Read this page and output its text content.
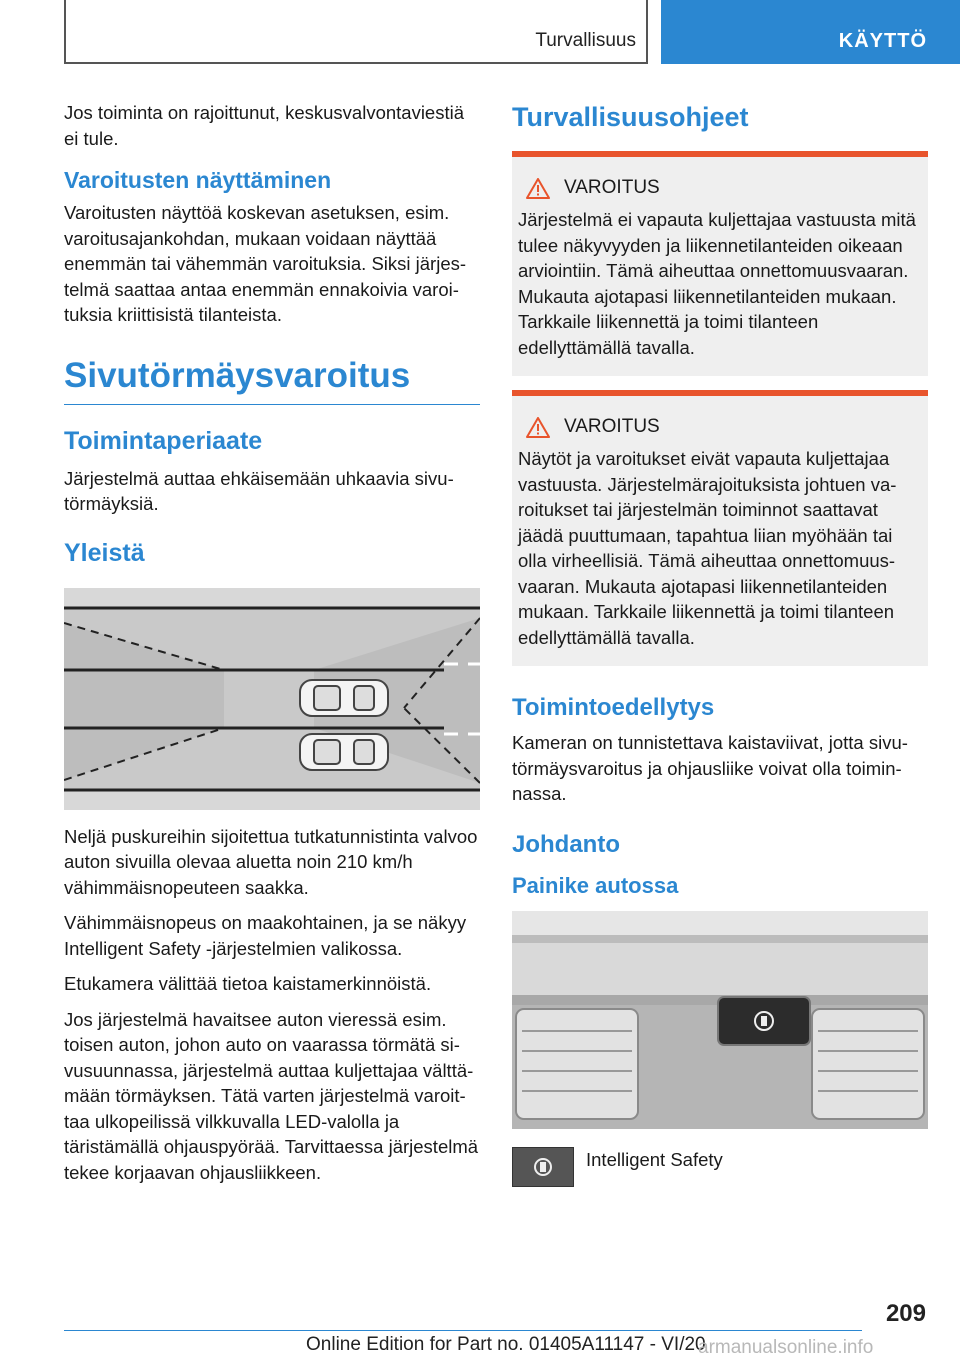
Turvallisuus	KÄYTTÖ

Jos toiminta on rajoittunut, keskusvalvontaviestiä ei tule.

Varoitusten näyttäminen

Varoitusten näyttöä koskevan asetuksen, esim. varoitusajankohdan, mukaan voidaan näyttää enemmän tai vähemmän varoituksia. Siksi järjestelmä saattaa antaa enemmän ennakoivia varoituksia kriittisistä tilanteista.

Sivutörmäysvaroitus
Toimintaperiaate

Järjestelmä auttaa ehkäisemään uhkaavia sivutörmäyksiä.

Yleistä

Neljä puskureihin sijoitettua tutkatunnistinta valvoo auton sivuilla olevaa aluetta noin 210 km/h vähimmäisnopeuteen saakka.

Vähimmäisnopeus on maakohtainen, ja se näkyy Intelligent Safety -järjestelmien valikossa.

Etukamera välittää tietoa kaistamerkinnöistä.

Jos järjestelmä havaitsee auton vieressä esim. toisen auton, johon auto on vaarassa törmätä sivusuunnassa, järjestelmä auttaa kuljettajaa välttämään törmäyksen. Tätä varten järjestelmä varoittaa ulkopeilissä vilkkuvalla LED-valolla ja täristämällä ohjauspyörää. Tarvittaessa järjestelmä tekee korjaavan ohjausliikkeen.

Turvallisuusohjeet
VAROITUS

Järjestelmä ei vapauta kuljettajaa vastuusta mitä tulee näkyvyyden ja liikennetilanteiden oikeaan arviointiin. Tämä aiheuttaa onnettomuusvaaran. Mukauta ajotapasi liikennetilanteiden mukaan. Tarkkaile liikennettä ja toimi tilanteen edellyttämällä tavalla.

VAROITUS

Näytöt ja varoitukset eivät vapauta kuljettajaa vastuusta. Järjestelmärajoituksista johtuen varoitukset tai järjestelmän toiminnot saattavat jäädä puuttumaan, tapahtua liian myöhään tai olla virheellisiä. Tämä aiheuttaa onnettomuusvaaran. Mukauta ajotapasi liikennetilanteiden mukaan. Tarkkaile liikennettä ja toimi tilanteen edellyttämällä tavalla.

Toimintoedellytys

Kameran on tunnistettava kaistaviivat, jotta sivutörmäysvaroitus ja ohjausliike voivat olla toiminnassa.

Johdanto
Painike autossa

Intelligent Safety

209
Online Edition for Part no. 01405A11147 - VI/20
armanualsonline.info
